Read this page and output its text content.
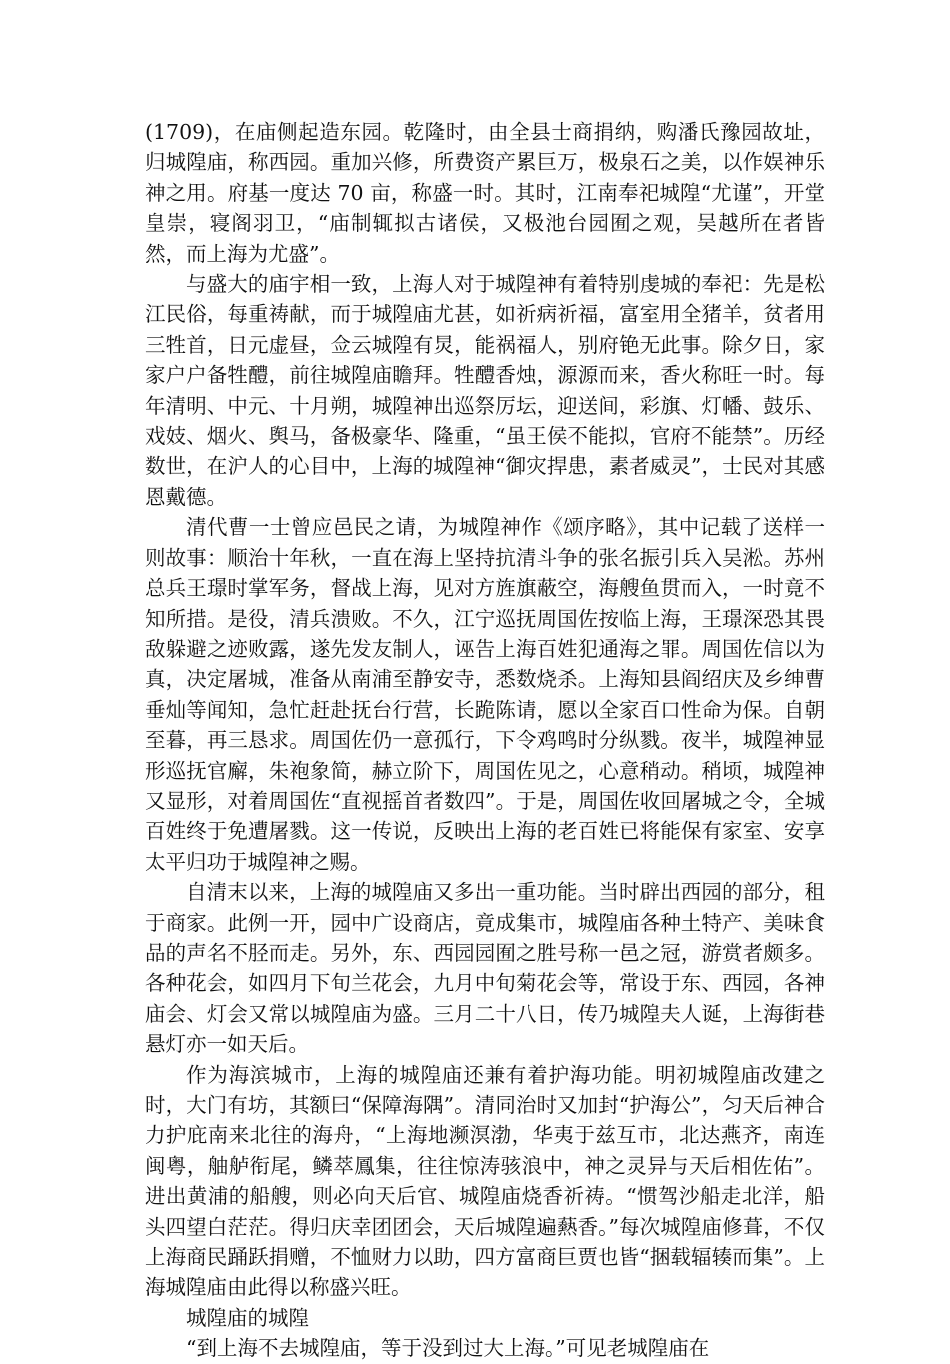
(1709)，在庙侧起造东园。乾隆时，由全县士商捐纳，购潘氏豫园故址，归城隍庙，称西园。重加兴修，所费资产累巨万，极泉石之美，以作娱神乐神之用。府基一度达 70 亩，称盛一时。其时，江南奉祀城隍“尤谨”，开堂皇崇，寝阁羽卫，“庙制辄拟古诸侯，又极池台园囿之观，吴越所在者皆然，而上海为尤盛”。

与盛大的庙宇相一致，上海人对于城隍神有着特别虔城的奉祀：先是松江民俗，每重祷献，而于城隍庙尤甚，如祈病祈福，富室用全猪羊，贫者用三牲首，日元虚昼，佥云城隍有炅，能祸福人，别府铯无此事。除夕日，家家户户备牲醴，前往城隍庙瞻拜。牲醴香烛，源源而来，香火称旺一时。每年清明、中元、十月朔，城隍神出巡祭厉坛，迎送间，彩旗、灯幡、鼓乐、戏妓、烟火、舆马，备极豪华、隆重，“虽王侯不能拟，官府不能禁”。历经数世，在沪人的心目中，上海的城隍神“御灾捍患，素者威灵”，士民对其感恩戴德。

清代曹一士曾应邑民之请，为城隍神作《颂序略》，其中记载了送样一则故事：顺治十年秋，一直在海上坚持抗清斗争的张名振引兵入吴淞。苏州总兵王璟时掌军务，督战上海，见对方旌旗蔽空，海艘鱼贯而入，一时竟不知所措。是役，清兵溃败。不久，江宁巡抚周国佐按临上海，王璟深恐其畏敌躲避之迹败露，遂先发友制人，诬告上海百姓犯通海之罪。周国佐信以为真，决定屠城，准备从南浦至静安寺，悉数烧杀。上海知县阎绍庆及乡绅曹垂灿等闻知，急忙赶赴抚台行营，长跪陈请，愿以全家百口性命为保。自朝至暮，再三恳求。周国佐仍一意孤行，下令鸡鸣时分纵戮。夜半，城隍神显形巡抚官廨，朱袍象简，赫立阶下，周国佐见之，心意稍动。稍顷，城隍神又显形，对着周国佐“直视摇首者数四”。于是，周国佐收回屠城之令，全城百姓终于免遭屠戮。这一传说，反映出上海的老百姓已将能保有家室、安享太平归功于城隍神之赐。

自清末以来，上海的城隍庙又多出一重功能。当时辟出西园的部分，租于商家。此例一开，园中广设商店，竟成集市，城隍庙各种土特产、美味食品的声名不胫而走。另外，东、西园园囿之胜号称一邑之冠，游赏者颇多。各种花会，如四月下旬兰花会，九月中旬菊花会等，常设于东、西园，各神庙会、灯会又常以城隍庙为盛。三月二十八日，传乃城隍夫人诞，上海街巷悬灯亦一如天后。

作为海滨城市，上海的城隍庙还兼有着护海功能。明初城隍庙改建之时，大门有坊，其额曰“保障海隅”。清同治时又加封“护海公”，匀天后神合力护庇南来北往的海舟，“上海地濒溟渤，华夷于兹互市，北达燕齐，南连闽粤，舳舻衔尾，鳞萃鳳集，往往惊涛骇浪中，神之灵异与天后相佐佑”。进出黄浦的船艘，则必向天后官、城隍庙烧香祈祷。“惯驾沙船走北洋，船头四望白茫茫。得归庆幸团团会，天后城隍遍爇香。”每次城隍庙修葺，不仅上海商民踊跃捐赠，不恤财力以助，四方富商巨贾也皆“捆载辐辏而集”。上海城隍庙由此得以称盛兴旺。

城隍庙的城隍

“到上海不去城隍庙，等于没到过大上海。”可见老城隍庙在
